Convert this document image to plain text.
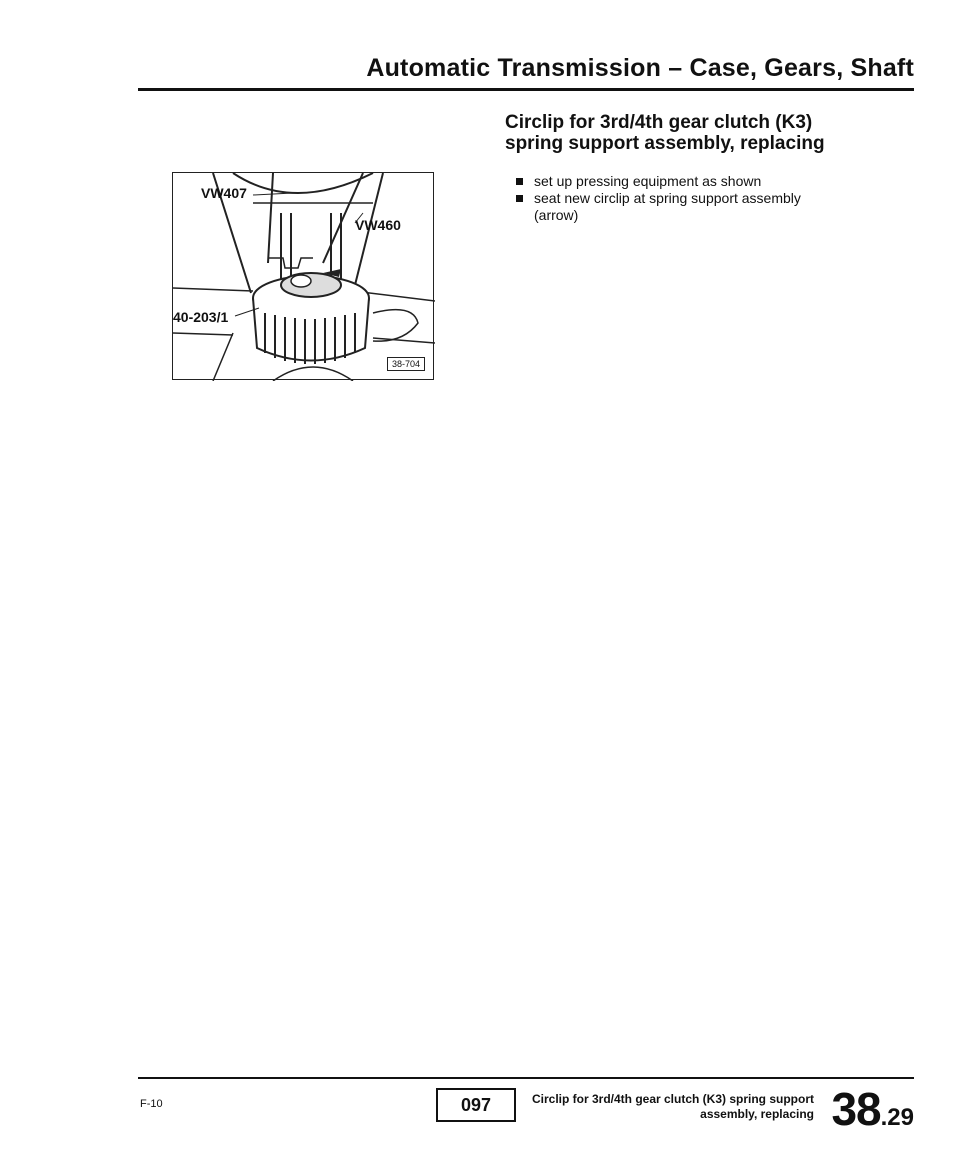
Automatic Transmission – Case, Gears, Shaft
VW407
VW460
40-203/1
38-704
Circlip for 3rd/4th gear clutch (K3)
spring support assembly, replacing
set up pressing equipment as shown
seat new circlip at spring support assembly
(arrow)
F-10	097	Circlip for 3rd/4th gear clutch (K3) spring support
assembly, replacing 38.29
